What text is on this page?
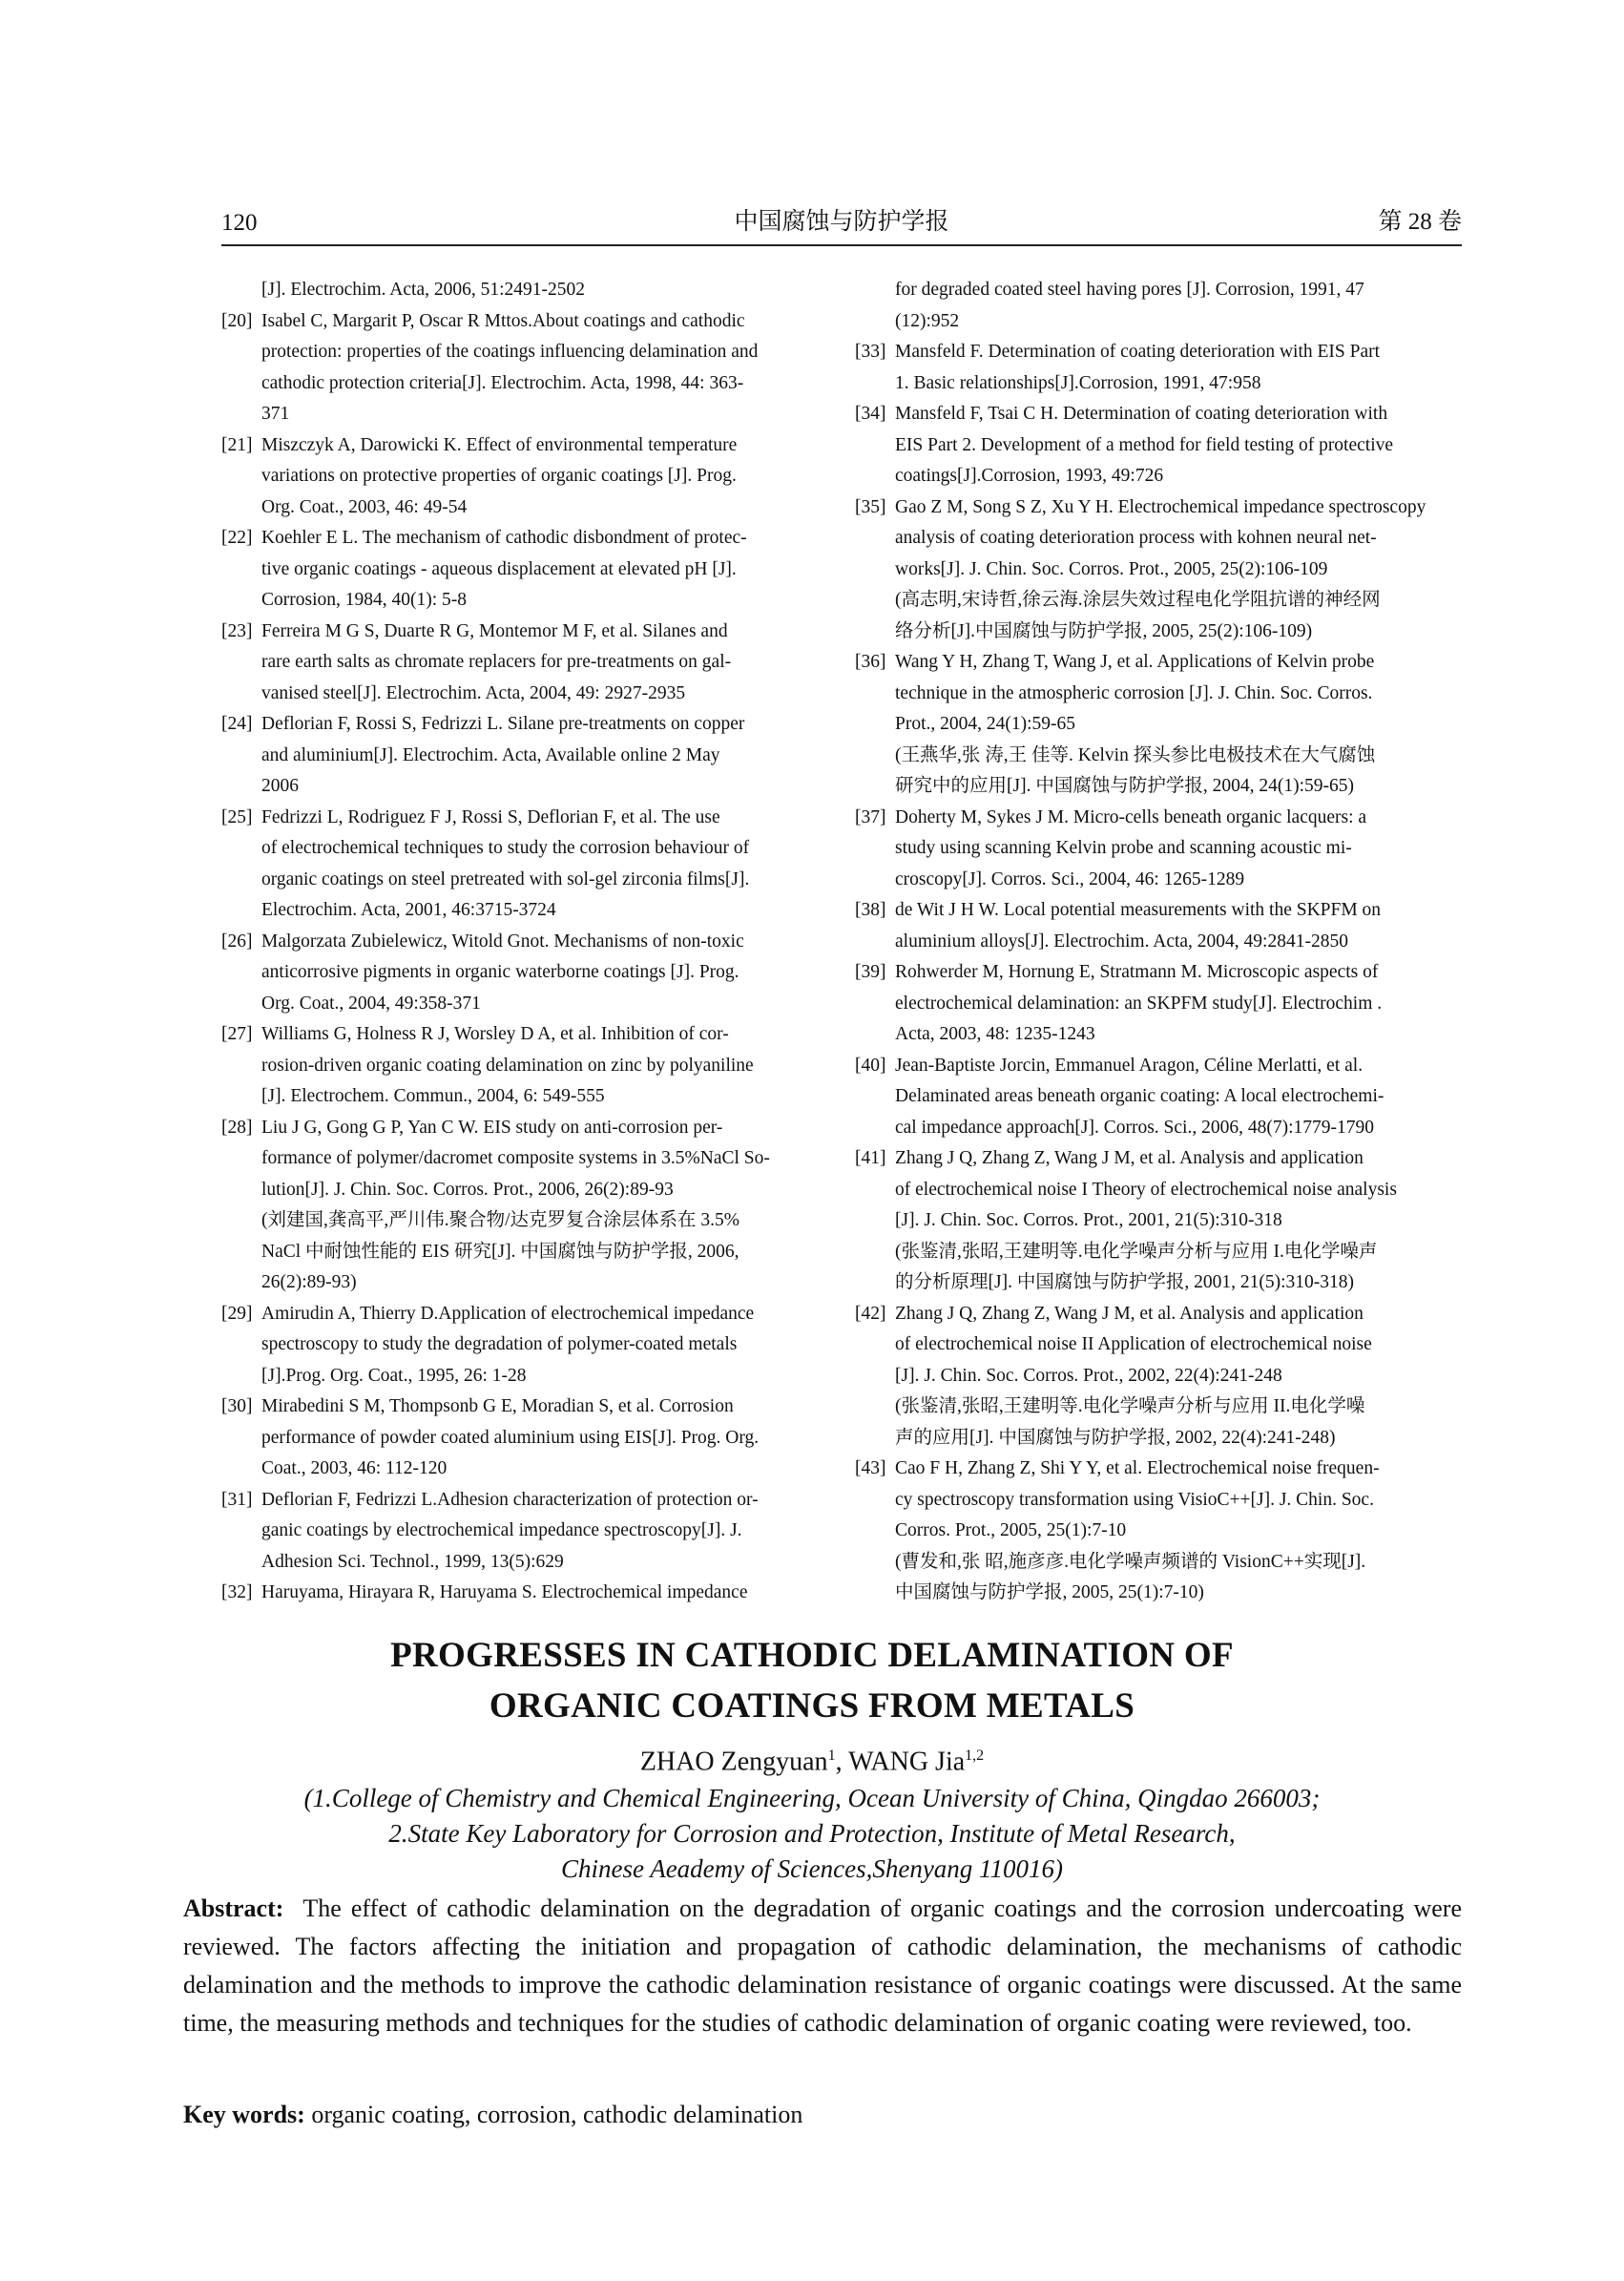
120	中国腐蚀与防护学报	第 28 卷
[J]. Electrochim. Acta, 2006, 51:2491-2502
[20] Isabel C, Margarit P, Oscar R Mttos.About coatings and cathodic
protection: properties of the coatings influencing delamination and
cathodic protection criteria[J]. Electrochim. Acta, 1998, 44: 363-
371
[21] Miszczyk A, Darowicki K. Effect of environmental temperature
variations on protective properties of organic coatings [J]. Prog.
Org. Coat., 2003, 46: 49-54
[22] Koehler E L. The mechanism of cathodic disbondment of protec-
tive organic coatings - aqueous displacement at elevated pH [J].
Corrosion, 1984, 40(1): 5-8
[23] Ferreira M G S, Duarte R G, Montemor M F, et al. Silanes and
rare earth salts as chromate replacers for pre-treatments on gal-
vanised steel[J]. Electrochim. Acta, 2004, 49: 2927-2935
[24] Deflorian F, Rossi S, Fedrizzi L. Silane pre-treatments on copper
and aluminium[J]. Electrochim. Acta, Available online 2 May
2006
[25] Fedrizzi L, Rodriguez F J, Rossi S, Deflorian F, et al. The use
of electrochemical techniques to study the corrosion behaviour of
organic coatings on steel pretreated with sol-gel zirconia films[J].
Electrochim. Acta, 2001, 46:3715-3724
[26] Malgorzata Zubielewicz, Witold Gnot. Mechanisms of non-toxic
anticorrosive pigments in organic waterborne coatings [J]. Prog.
Org. Coat., 2004, 49:358-371
[27] Williams G, Holness R J, Worsley D A, et al. Inhibition of cor-
rosion-driven organic coating delamination on zinc by polyaniline
[J]. Electrochem. Commun., 2004, 6: 549-555
[28] Liu J G, Gong G P, Yan C W. EIS study on anti-corrosion per-
formance of polymer/dacromet composite systems in 3.5%NaCl So-
lution[J]. J. Chin. Soc. Corros. Prot., 2006, 26(2):89-93
(刘建国,龚高平,严川伟.聚合物/达克罗复合涂层体系在 3.5%
NaCl 中耐蚀性能的 EIS 研究[J]. 中国腐蚀与防护学报, 2006,
26(2):89-93)
[29] Amirudin A, Thierry D.Application of electrochemical impedance
spectroscopy to study the degradation of polymer-coated metals
[J].Prog. Org. Coat., 1995, 26: 1-28
[30] Mirabedini S M, Thompsonb G E, Moradian S, et al. Corrosion
performance of powder coated aluminium using EIS[J]. Prog. Org.
Coat., 2003, 46: 112-120
[31] Deflorian F, Fedrizzi L.Adhesion characterization of protection or-
ganic coatings by electrochemical impedance spectroscopy[J]. J.
Adhesion Sci. Technol., 1999, 13(5):629
[32] Haruyama, Hirayara R, Haruyama S. Electrochemical impedance
for degraded coated steel having pores [J]. Corrosion, 1991, 47
(12):952
[33] Mansfeld F. Determination of coating deterioration with EIS Part
1. Basic relationships[J].Corrosion, 1991, 47:958
[34] Mansfeld F, Tsai C H. Determination of coating deterioration with
EIS Part 2. Development of a method for field testing of protective
coatings[J].Corrosion, 1993, 49:726
[35] Gao Z M, Song S Z, Xu Y H. Electrochemical impedance spectroscopy
analysis of coating deterioration process with kohnen neural net-
works[J]. J. Chin. Soc. Corros. Prot., 2005, 25(2):106-109
(高志明,宋诗哲,徐云海.涂层失效过程电化学阻抗谱的神经网
络分析[J].中国腐蚀与防护学报, 2005, 25(2):106-109)
[36] Wang Y H, Zhang T, Wang J, et al. Applications of Kelvin probe
technique in the atmospheric corrosion [J]. J. Chin. Soc. Corros.
Prot., 2004, 24(1):59-65
(王燕华,张 涛,王 佳等. Kelvin 探头参比电极技术在大气腐蚀
研究中的应用[J]. 中国腐蚀与防护学报, 2004, 24(1):59-65)
[37] Doherty M, Sykes J M. Micro-cells beneath organic lacquers: a
study using scanning Kelvin probe and scanning acoustic mi-
croscopy[J]. Corros. Sci., 2004, 46: 1265-1289
[38] de Wit J H W. Local potential measurements with the SKPFM on
aluminium alloys[J]. Electrochim. Acta, 2004, 49:2841-2850
[39] Rohwerder M, Hornung E, Stratmann M. Microscopic aspects of
electrochemical delamination: an SKPFM study[J]. Electrochim .
Acta, 2003, 48: 1235-1243
[40] Jean-Baptiste Jorcin, Emmanuel Aragon, Céline Merlatti, et al.
Delaminated areas beneath organic coating: A local electrochemi-
cal impedance approach[J]. Corros. Sci., 2006, 48(7):1779-1790
[41] Zhang J Q, Zhang Z, Wang J M, et al. Analysis and application
of electrochemical noise I Theory of electrochemical noise analysis
[J]. J. Chin. Soc. Corros. Prot., 2001, 21(5):310-318
(张鉴清,张昭,王建明等.电化学噪声分析与应用 I.电化学噪声
的分析原理[J]. 中国腐蚀与防护学报, 2001, 21(5):310-318)
[42] Zhang J Q, Zhang Z, Wang J M, et al. Analysis and application
of electrochemical noise II Application of electrochemical noise
[J]. J. Chin. Soc. Corros. Prot., 2002, 22(4):241-248
(张鉴清,张昭,王建明等.电化学噪声分析与应用 II.电化学噪
声的应用[J]. 中国腐蚀与防护学报, 2002, 22(4):241-248)
[43] Cao F H, Zhang Z, Shi Y Y, et al. Electrochemical noise frequen-
cy spectroscopy transformation using VisioC++[J]. J. Chin. Soc.
Corros. Prot., 2005, 25(1):7-10
(曹发和,张 昭,施彦彦.电化学噪声频谱的 VisionC++实现[J].
中国腐蚀与防护学报, 2005, 25(1):7-10)
PROGRESSES IN CATHODIC DELAMINATION OF
ORGANIC COATINGS FROM METALS
ZHAO Zengyuan$^1$, WANG Jia$^{1,2}$
(1.College of Chemistry and Chemical Engineering, Ocean University of China, Qingdao 266003;
2.State Key Laboratory for Corrosion and Protection, Institute of Metal Research,
Chinese Aeademy of Sciences,Shenyang 110016)
Abstract: The effect of cathodic delamination on the degradation of organic coatings and the corrosion undercoating were reviewed. The factors affecting the initiation and propagation of cathodic delamination, the mechanisms of cathodic delamination and the methods to improve the cathodic delamination resistance of organic coatings were discussed. At the same time, the measuring methods and techniques for the studies of cathodic delamination of organic coating were reviewed, too.
Key words: organic coating, corrosion, cathodic delamination
